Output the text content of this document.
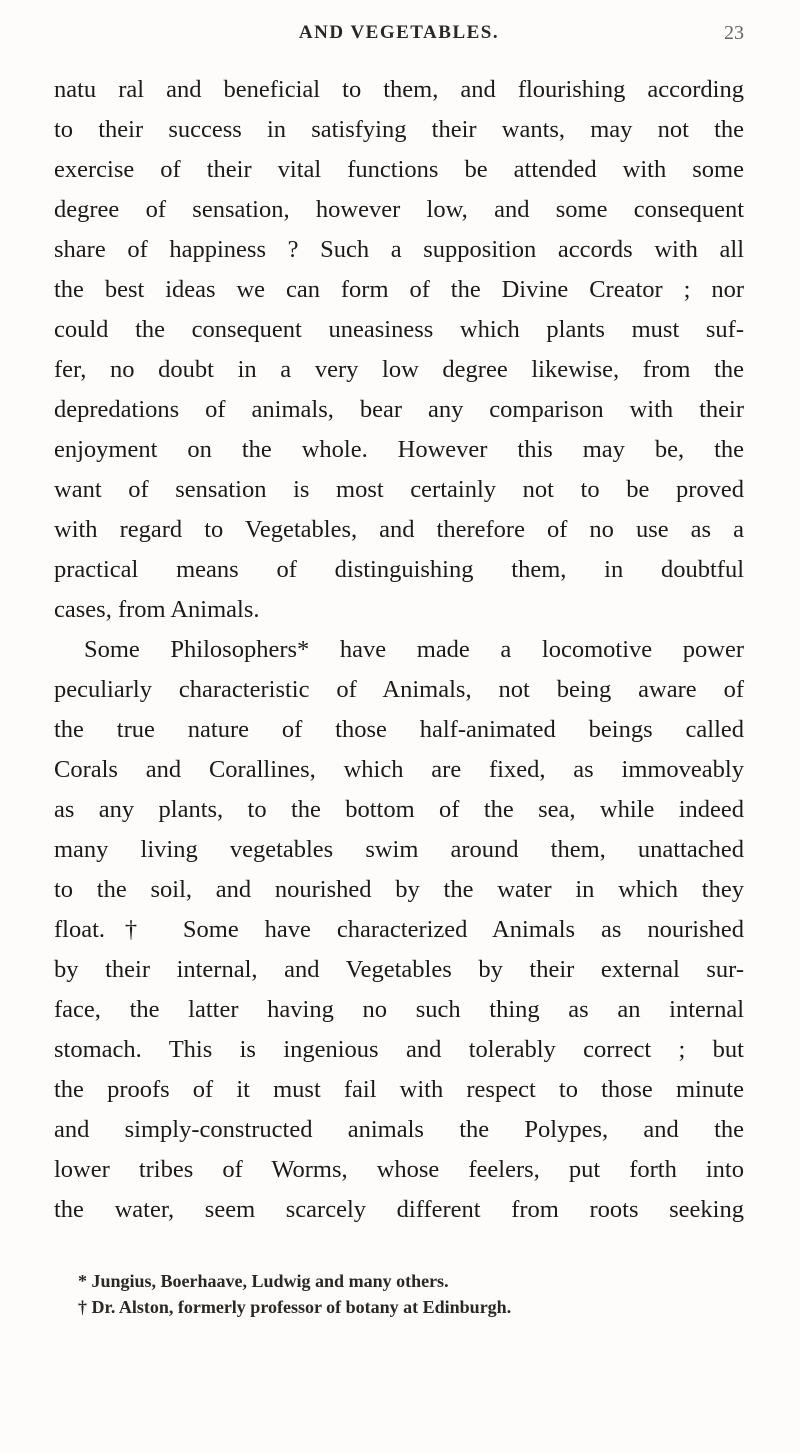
AND VEGETABLES.	23
natu ral and beneficial to them, and flourishing according
to their success in satisfying their wants, may not the
exercise of their vital functions be attended with some
degree of sensation, however low, and some consequent
share of happiness ? Such a supposition accords with all
the best ideas we can form of the Divine Creator ; nor
could the consequent uneasiness which plants must suf-
fer, no doubt in a very low degree likewise, from the
depredations of animals, bear any comparison with their
enjoyment on the whole. However this may be, the
want of sensation is most certainly not to be proved
with regard to Vegetables, and therefore of no use as a
practical means of distinguishing them, in doubtful
cases, from Animals.
Some Philosophers* have made a locomotive power
peculiarly characteristic of Animals, not being aware of
the true nature of those half-animated beings called
Corals and Corallines, which are fixed, as immoveably
as any plants, to the bottom of the sea, while indeed
many living vegetables swim around them, unattached
to the soil, and nourished by the water in which they
float.† Some have characterized Animals as nourished
by their internal, and Vegetables by their external sur-
face, the latter having no such thing as an internal
stomach. This is ingenious and tolerably correct ; but
the proofs of it must fail with respect to those minute
and simply-constructed animals the Polypes, and the
lower tribes of Worms, whose feelers, put forth into
the water, seem scarcely different from roots seeking
* Jungius, Boerhaave, Ludwig and many others.
† Dr. Alston, formerly professor of botany at Edinburgh.
